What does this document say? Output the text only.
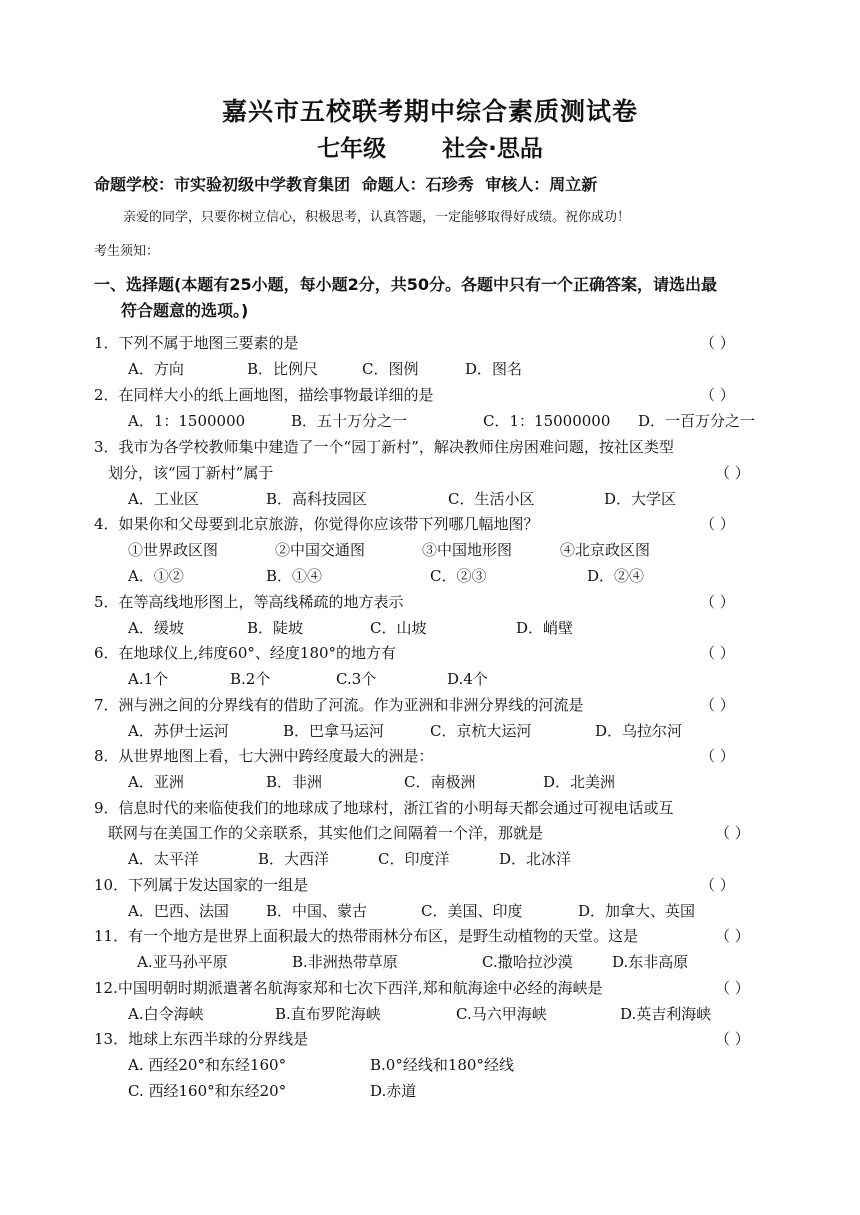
嘉兴市五校联考期中综合素质测试卷
七年级 社会·思品
命题学校：市实验初级中学教育集团 命题人：石珍秀 审核人：周立新
亲爱的同学，只要你树立信心，积极思考，认真答题，一定能够取得好成绩。祝你成功！
考生须知：
一、选择题(本题有25小题，每小题2分，共50分。各题中只有一个正确答案，请选出最
符合题意的选项。)
1．下列不属于地图三要素的是	（ ）
A．方向	B．比例尺	C．图例	D．图名
2．在同样大小的纸上画地图，描绘事物最详细的是	（ ）
A．1：1500000	B．五十万分之一	C．1：15000000 D．一百万分之一
3．我市为各学校教师集中建造了一个“园丁新村”，解决教师住房困难问题，按社区类型
划分，该“园丁新村”属于	（ ）
A．工业区	B．高科技园区	C．生活小区	D．大学区
4．如果你和父母要到北京旅游，你觉得你应该带下列哪几幅地图？	（ ）
①世界政区图	②中国交通图	③中国地形图	④北京政区图
A．①②	B．①④	C．②③	D．②④
5．在等高线地形图上，等高线稀疏的地方表示	（ ）
A．缓坡	B．陡坡	C．山坡	D．峭壁
6．在地球仪上,纬度60°、经度180°的地方有	（ ）
A.1个	B.2个	C.3个	D.4个
7．洲与洲之间的分界线有的借助了河流。作为亚洲和非洲分界线的河流是	（ ）
A．苏伊士运河	B．巴拿马运河	C．京杭大运河	D．乌拉尔河
8．从世界地图上看，七大洲中跨经度最大的洲是：	（ ）
A．亚洲	B．非洲	C．南极洲	D．北美洲
9．信息时代的来临使我们的地球成了地球村，浙江省的小明每天都会通过可视电话或互
联网与在美国工作的父亲联系，其实他们之间隔着一个洋，那就是	（ ）
A．太平洋	B．大西洋	C．印度洋	D．北冰洋
10．下列属于发达国家的一组是	（ ）
A．巴西、法国 B．中国、蒙古	C．美国、印度	D．加拿大、英国
11．有一个地方是世界上面积最大的热带雨林分布区，是野生动植物的天堂。这是	（ ）
A.亚马孙平原	B.非洲热带草原	C.撒哈拉沙漠	D.东非高原
12.中国明朝时期派遣著名航海家郑和七次下西洋,郑和航海途中必经的海峡是	（ ）
A.白令海峡	B.直布罗陀海峡	C.马六甲海峡	D.英吉利海峡
13．地球上东西半球的分界线是	（ ）
A. 西经20°和东经160°	B.0°经线和180°经线
C. 西经160°和东经20°	D.赤道
